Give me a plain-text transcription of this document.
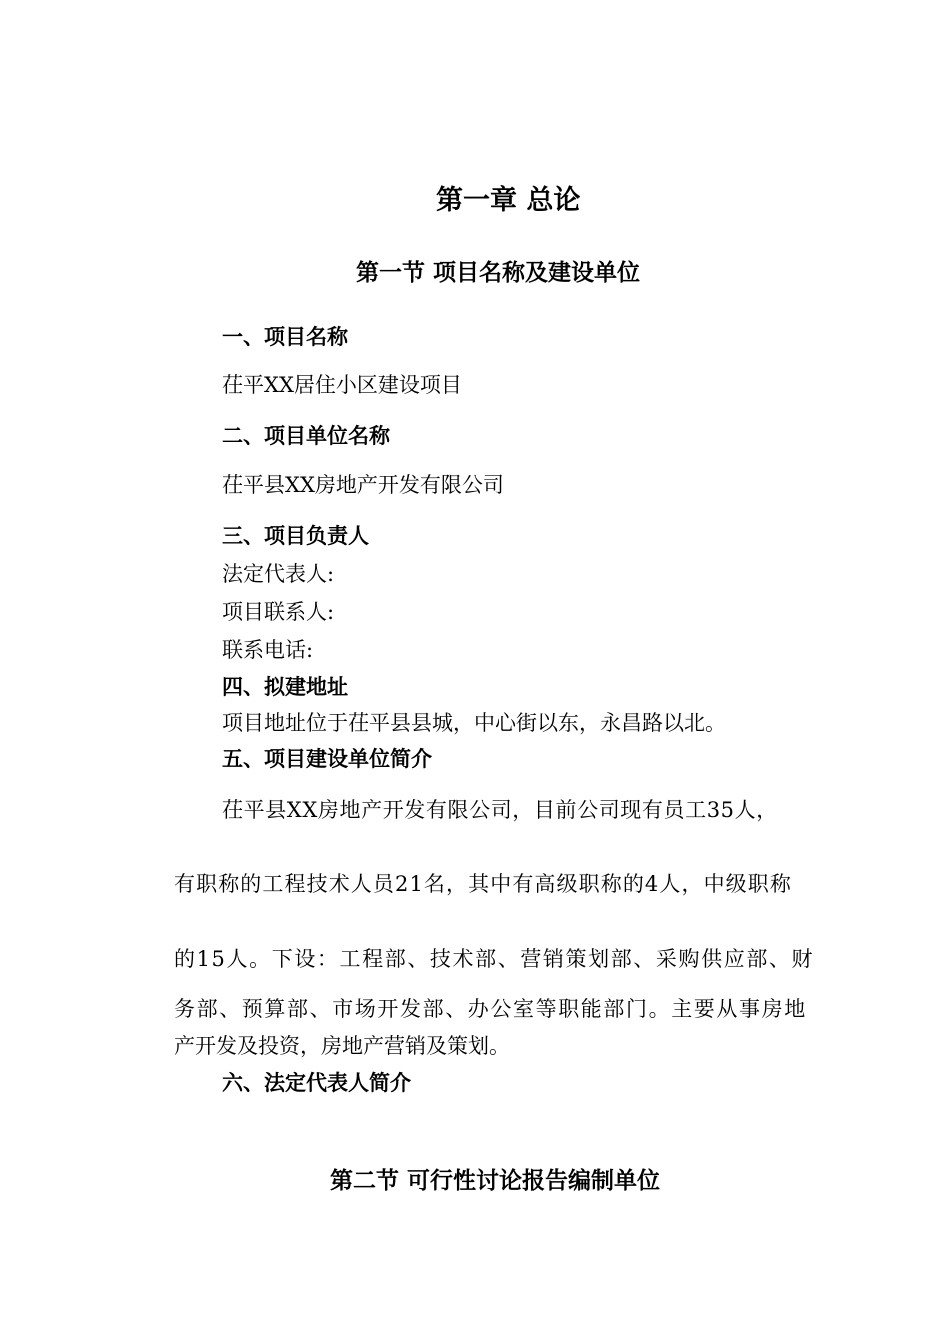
第一章 总论
第一节 项目名称及建设单位
一、项目名称
茌平XX居住小区建设项目
二、项目单位名称
茌平县XX房地产开发有限公司
三、项目负责人
法定代表人:
项目联系人:
联系电话:
四、拟建地址
项目地址位于茌平县县城，中心街以东，永昌路以北。
五、项目建设单位简介
茌平县XX房地产开发有限公司，目前公司现有员工35人，
有职称的工程技术人员21名，其中有高级职称的4人，中级职称
的15人。下设：工程部、技术部、营销策划部、采购供应部、财
务部、预算部、市场开发部、办公室等职能部门。主要从事房地
产开发及投资，房地产营销及策划。
六、法定代表人简介
第二节 可行性讨论报告编制单位
